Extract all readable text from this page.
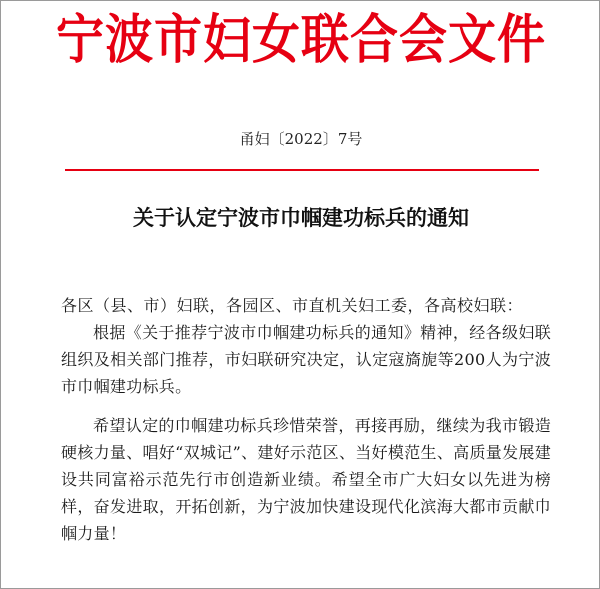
宁波市妇女联合会文件
甬妇〔2022〕7号
关于认定宁波市巾帼建功标兵的通知

各区（县、市）妇联，各园区、市直机关妇工委，各高校妇联：

根据《关于推荐宁波市巾帼建功标兵的通知》精神，经各级妇联组织及相关部门推荐，市妇联研究决定，认定寇旖旎等200人为宁波市巾帼建功标兵。

希望认定的巾帼建功标兵珍惜荣誉，再接再励，继续为我市锻造硬核力量、唱好“双城记”、建好示范区、当好模范生、高质量发展建设共同富裕示范先行市创造新业绩。希望全市广大妇女以先进为榜样，奋发进取，开拓创新，为宁波加快建设现代化滨海大都市贡献巾帼力量！
